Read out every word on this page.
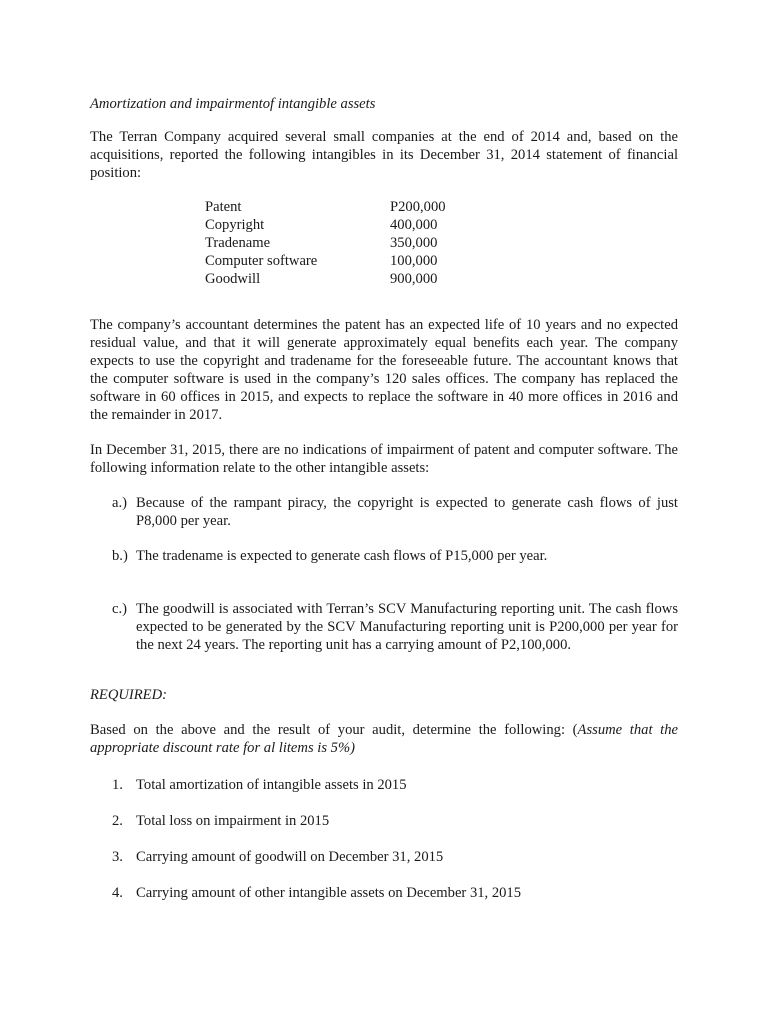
Amortization and impairmentof intangible assets

The Terran Company acquired several small companies at the end of 2014 and, based on the acquisitions, reported the following intangibles in its December 31, 2014 statement of financial position:

Patent	P200,000
Copyright	400,000
Tradename	350,000
Computer software	100,000
Goodwill	900,000

The company’s accountant determines the patent has an expected life of 10 years and no expected residual value, and that it will generate approximately equal benefits each year. The company expects to use the copyright and tradename for the foreseeable future. The accountant knows that the computer software is used in the company’s 120 sales offices. The company has replaced the software in 60 offices in 2015, and expects to replace the software in 40 more offices in 2016 and the remainder in 2017.

In December 31, 2015, there are no indications of impairment of patent and computer software. The following information relate to the other intangible assets:

a.) Because of the rampant piracy, the copyright is expected to generate cash flows of just P8,000 per year.
b.) The tradename is expected to generate cash flows of P15,000 per year.
c.) The goodwill is associated with Terran’s SCV Manufacturing reporting unit. The cash flows expected to be generated by the SCV Manufacturing reporting unit is P200,000 per year for the next 24 years. The reporting unit has a carrying amount of P2,100,000.
REQUIRED:

Based on the above and the result of your audit, determine the following: (Assume that the appropriate discount rate for al litems is 5%)

1. Total amortization of intangible assets in 2015
2. Total loss on impairment in 2015
3. Carrying amount of goodwill on December 31, 2015
4. Carrying amount of other intangible assets on December 31, 2015
